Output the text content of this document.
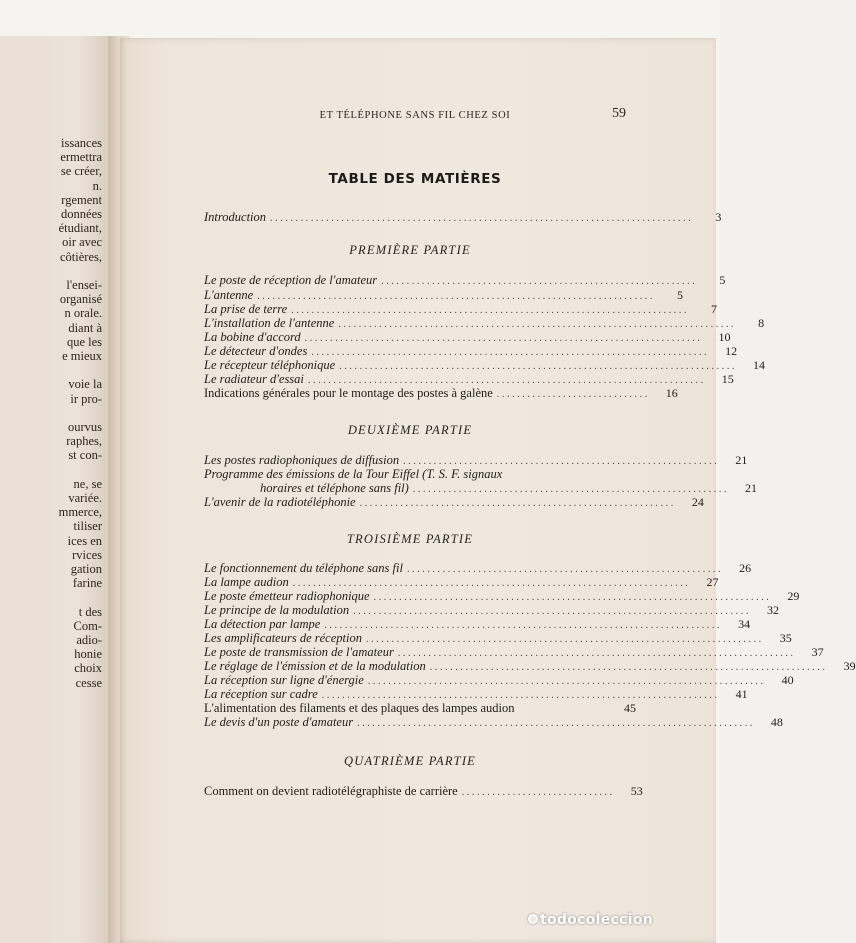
issances
ermettra
se créer,
n.
rgement
données
étudiant,
oir avec
côtières,
l'ensei-
organisé
n orale.
diant à
que les
e mieux
voie la
ir pro-
ourvus
raphes,
st con-
ne, se
variée.
mmerce,
tiliser
ices en
rvices
gation
farine
t des
Com-
adio-
honie
choix
cesse
ET TÉLÉPHONE SANS FIL CHEZ SOI	59
TABLE DES MATIÈRES
Introduction ...................................................................................	3
PREMIÈRE PARTIE
Le poste de réception de l'amateur ..............................................................	5
L'antenne ..............................................................................	5
La prise de terre ..............................................................................	7
L'installation de l'antenne ..............................................................................	8
La bobine d'accord ..............................................................................	10
Le détecteur d'ondes ..............................................................................	12
Le récepteur téléphonique ..............................................................................	14
Le radiateur d'essai ..............................................................................	15
Indications générales pour le montage des postes à galène ..............................	16
DEUXIÈME PARTIE
Les postes radiophoniques de diffusion ..............................................................	21
Programme des émissions de la Tour Eiffel (T. S. F. signaux
horaires et téléphone sans fil) ..............................................................	21
L'avenir de la radiotéléphonie ..............................................................	24
TROISIÈME PARTIE
Le fonctionnement du téléphone sans fil ..............................................................	26
La lampe audion ..............................................................................	27
Le poste émetteur radiophonique ..............................................................................	29
Le principe de la modulation ..............................................................................	32
La détection par lampe ..............................................................................	34
Les amplificateurs de réception ..............................................................................	35
Le poste de transmission de l'amateur ..............................................................................	37
Le réglage de l'émission et de la modulation ..............................................................................	39
La réception sur ligne d'énergie ..............................................................................	40
La réception sur cadre ..............................................................................	41
L'alimentation des filaments et des plaques des lampes audion	45
Le devis d'un poste d'amateur ..............................................................................	48
QUATRIÈME PARTIE
Comment on devient radiotélégraphiste de carrière ..............................	53
todocoleccion
